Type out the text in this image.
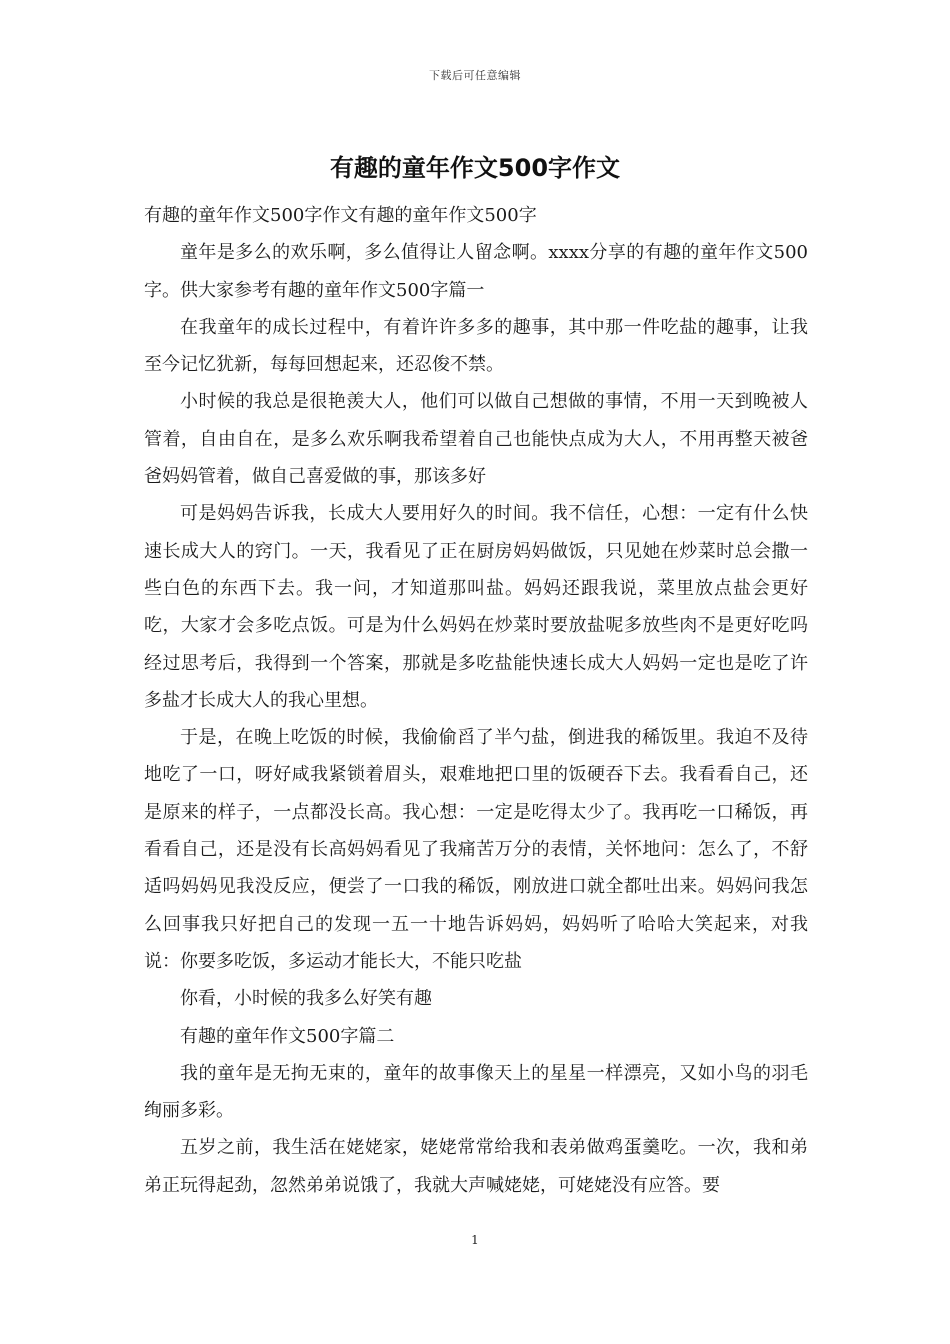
下载后可任意编辑
有趣的童年作文500字作文

有趣的童年作文500字作文有趣的童年作文500字

童年是多么的欢乐啊，多么值得让人留念啊。xxxx分享的有趣的童年作文500字。供大家参考有趣的童年作文500字篇一

在我童年的成长过程中，有着许许多多的趣事，其中那一件吃盐的趣事，让我至今记忆犹新，每每回想起来，还忍俊不禁。

小时候的我总是很艳羡大人，他们可以做自己想做的事情，不用一天到晚被人管着，自由自在，是多么欢乐啊我希望着自己也能快点成为大人，不用再整天被爸爸妈妈管着，做自己喜爱做的事，那该多好

可是妈妈告诉我，长成大人要用好久的时间。我不信任，心想：一定有什么快速长成大人的窍门。一天，我看见了正在厨房妈妈做饭，只见她在炒菜时总会撒一些白色的东西下去。我一问，才知道那叫盐。妈妈还跟我说，菜里放点盐会更好吃，大家才会多吃点饭。可是为什么妈妈在炒菜时要放盐呢多放些肉不是更好吃吗经过思考后，我得到一个答案，那就是多吃盐能快速长成大人妈妈一定也是吃了许多盐才长成大人的我心里想。

于是，在晚上吃饭的时候，我偷偷舀了半勺盐，倒进我的稀饭里。我迫不及待地吃了一口，呀好咸我紧锁着眉头，艰难地把口里的饭硬吞下去。我看看自己，还是原来的样子，一点都没长高。我心想：一定是吃得太少了。我再吃一口稀饭，再看看自己，还是没有长高妈妈看见了我痛苦万分的表情，关怀地问：怎么了，不舒适吗妈妈见我没反应，便尝了一口我的稀饭，刚放进口就全都吐出来。妈妈问我怎么回事我只好把自己的发现一五一十地告诉妈妈，妈妈听了哈哈大笑起来，对我说：你要多吃饭，多运动才能长大，不能只吃盐

你看，小时候的我多么好笑有趣

有趣的童年作文500字篇二

我的童年是无拘无束的，童年的故事像天上的星星一样漂亮，又如小鸟的羽毛绚丽多彩。

五岁之前，我生活在姥姥家，姥姥常常给我和表弟做鸡蛋羹吃。一次，我和弟弟正玩得起劲，忽然弟弟说饿了，我就大声喊姥姥，可姥姥没有应答。要

1
